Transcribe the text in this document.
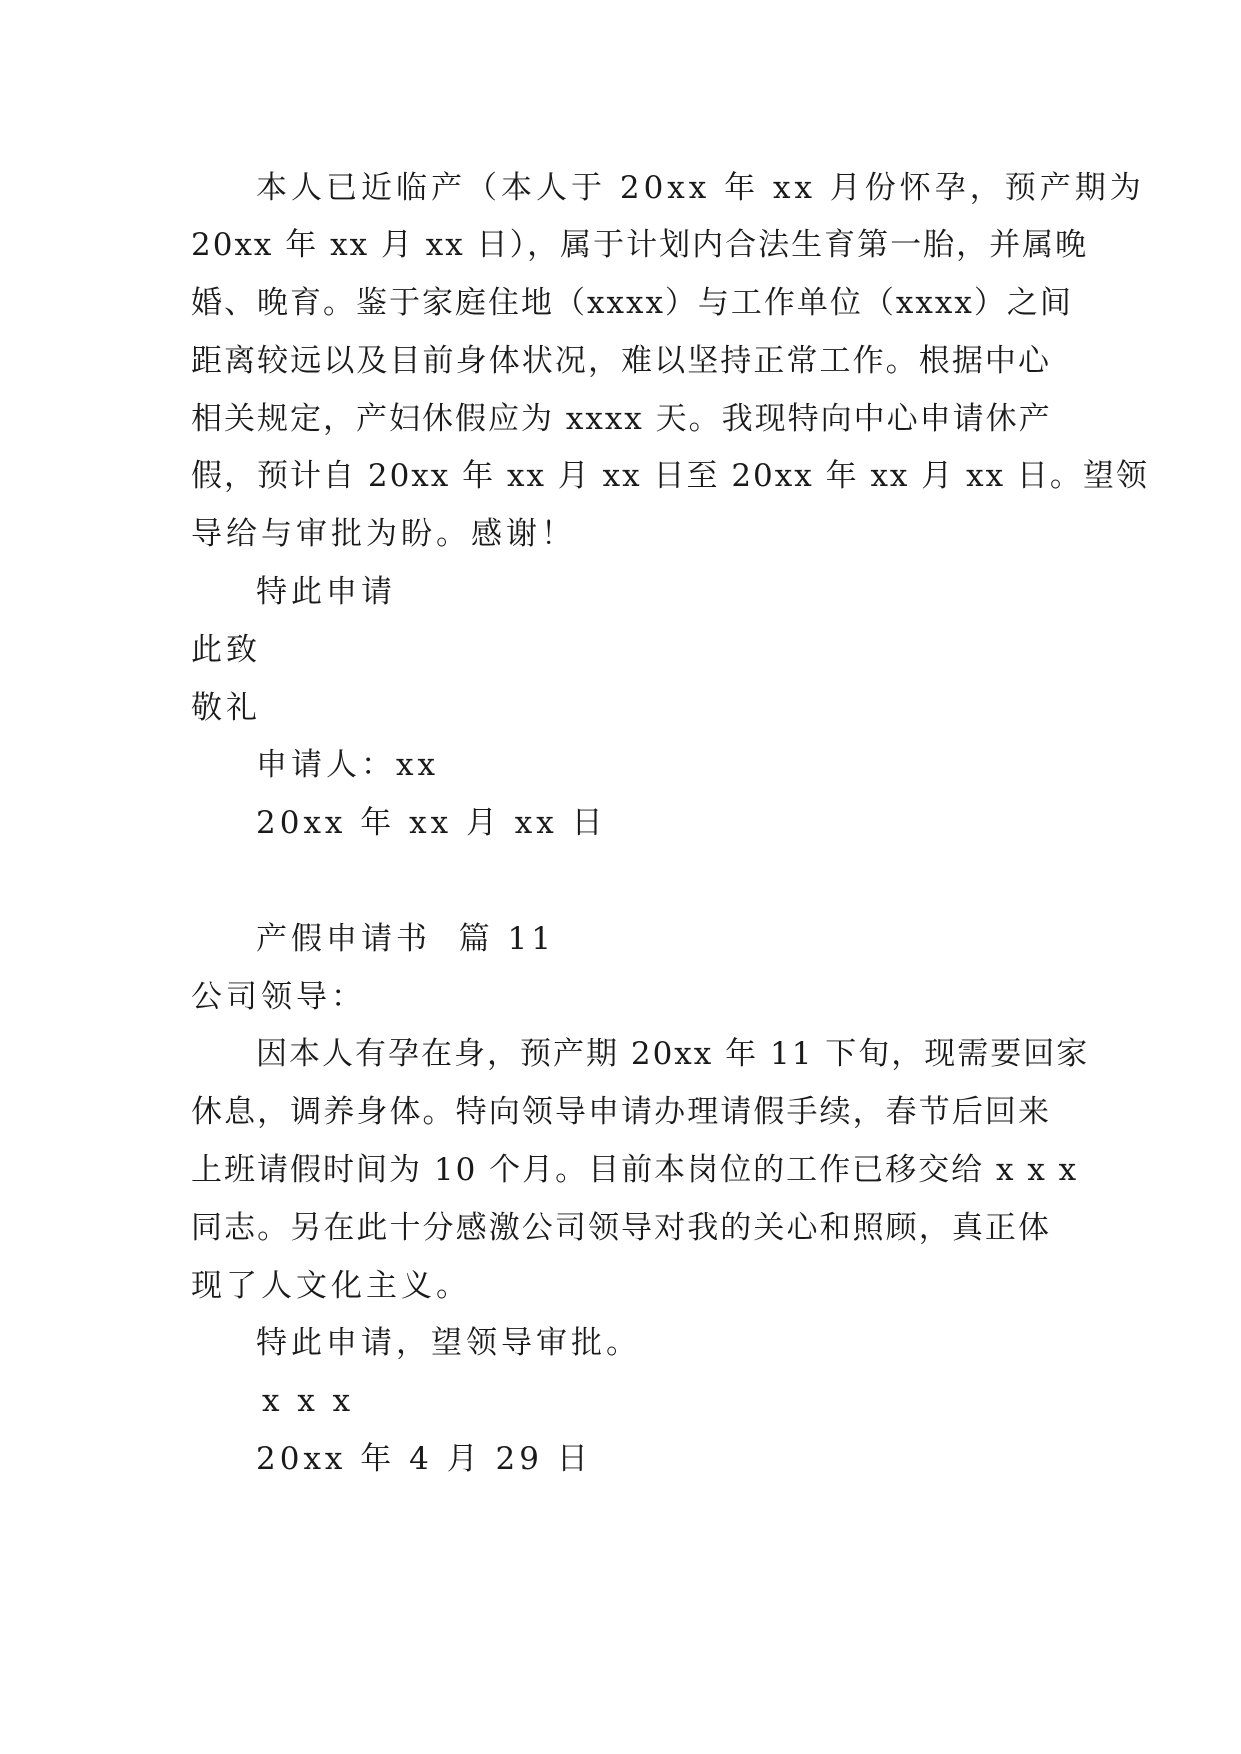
本人已近临产（本人于 20xx 年 xx 月份怀孕，预产期为
20xx 年 xx 月 xx 日），属于计划内合法生育第一胎，并属晚
婚、晚育。鉴于家庭住地（xxxx）与工作单位（xxxx）之间
距离较远以及目前身体状况，难以坚持正常工作。根据中心
相关规定，产妇休假应为 xxxx 天。我现特向中心申请休产
假，预计自 20xx 年 xx 月 xx 日至 20xx 年 xx 月 xx 日。望领
导给与审批为盼。感谢！
特此申请
此致
敬礼
申请人：xx
20xx 年 xx 月 xx 日
产假申请书  篇 11
公司领导：
因本人有孕在身，预产期 20xx 年 11 下旬，现需要回家
休息，调养身体。特向领导申请办理请假手续，春节后回来
上班请假时间为 10 个月。目前本岗位的工作已移交给 x x x
同志。另在此十分感激公司领导对我的关心和照顾，真正体
现了人文化主义。
特此申请，望领导审批。
x x x
20xx 年 4 月 29 日
